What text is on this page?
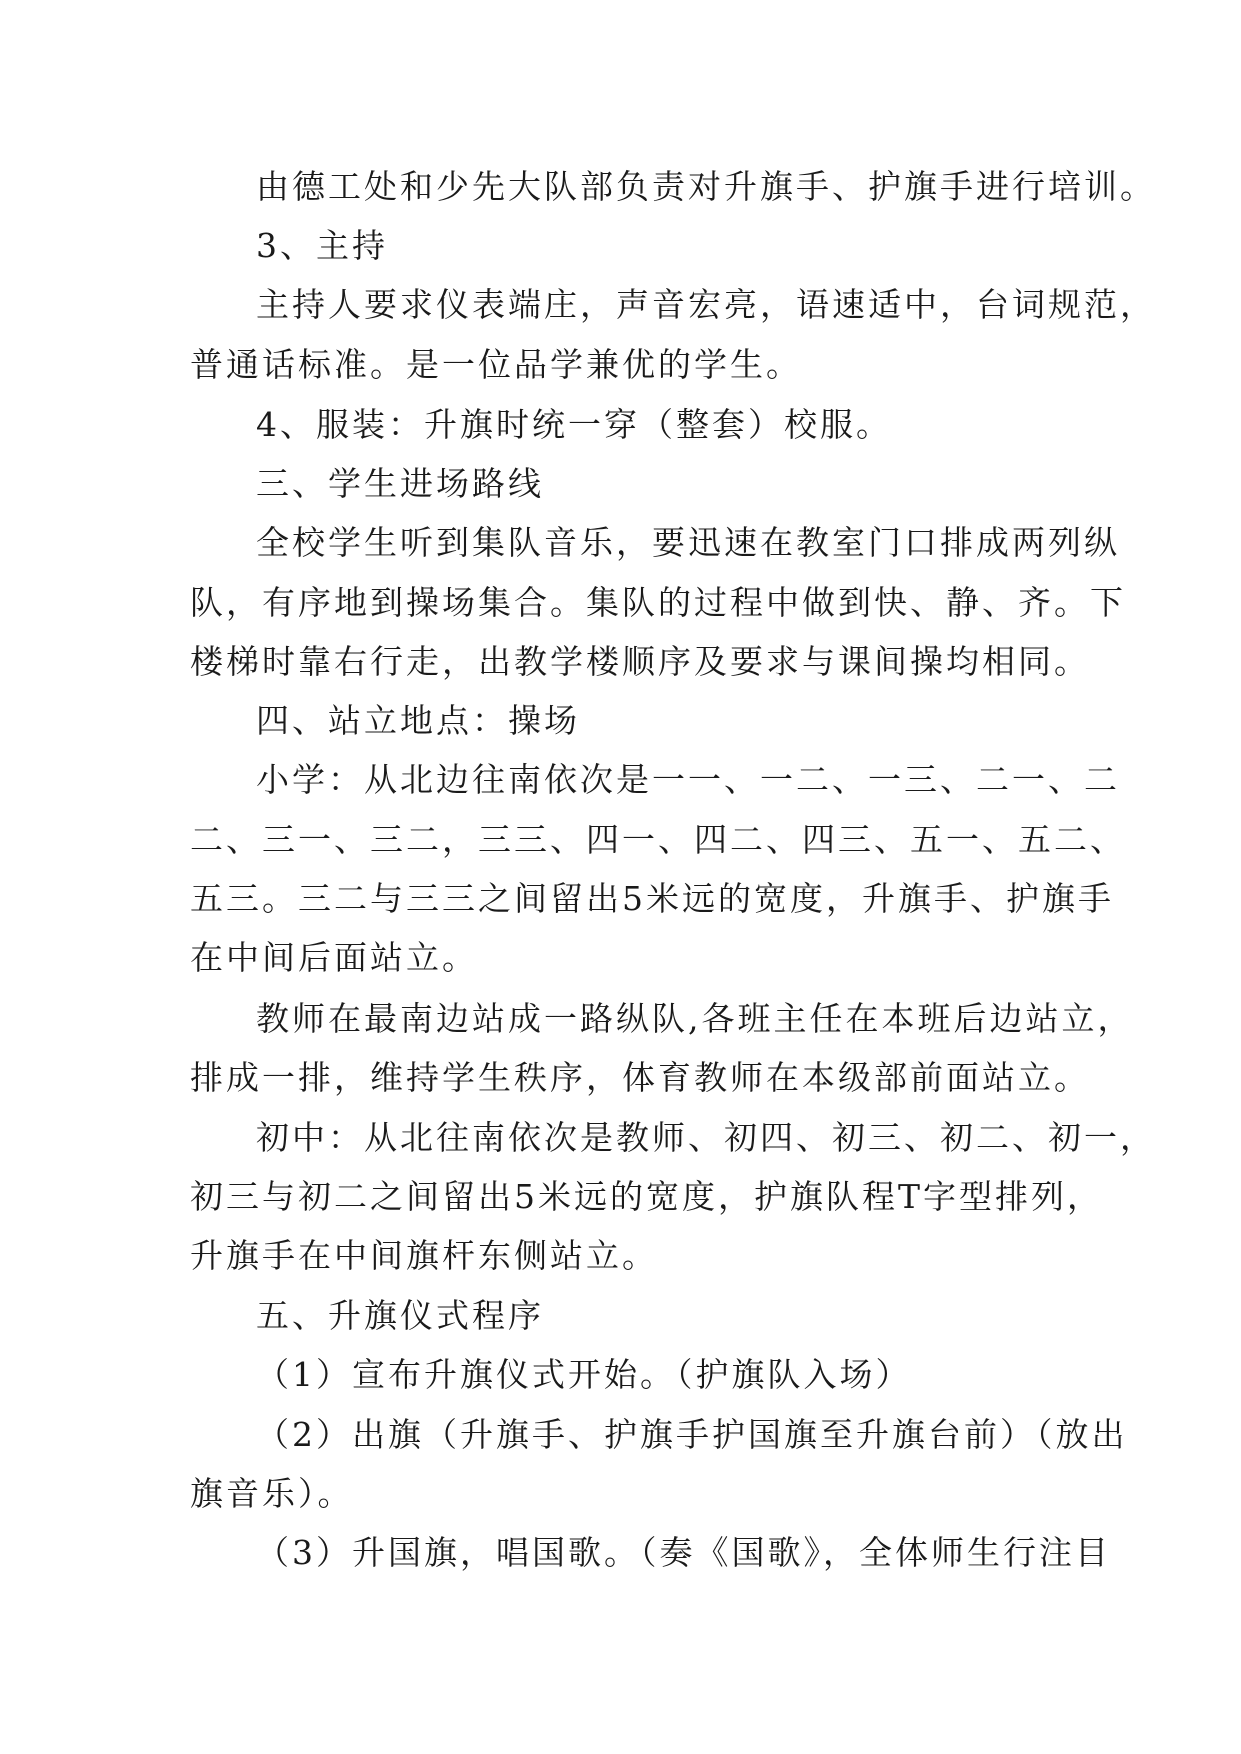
由德工处和少先大队部负责对升旗手、护旗手进行培训。
3、主持
主持人要求仪表端庄，声音宏亮，语速适中，台词规范，
普通话标准。是一位品学兼优的学生。
4、服装：升旗时统一穿（整套）校服。
三、学生进场路线
全校学生听到集队音乐，要迅速在教室门口排成两列纵
队，有序地到操场集合。集队的过程中做到快、静、齐。下
楼梯时靠右行走，出教学楼顺序及要求与课间操均相同。
四、站立地点：操场
小学：从北边往南依次是一一、一二、一三、二一、二
二、三一、三二，三三、四一、四二、四三、五一、五二、
五三。三二与三三之间留出5米远的宽度，升旗手、护旗手
在中间后面站立。
教师在最南边站成一路纵队,各班主任在本班后边站立，
排成一排，维持学生秩序，体育教师在本级部前面站立。
初中：从北往南依次是教师、初四、初三、初二、初一，
初三与初二之间留出5米远的宽度，护旗队程T字型排列，
升旗手在中间旗杆东侧站立。
五、升旗仪式程序
（1）宣布升旗仪式开始。（护旗队入场）
（2）出旗（升旗手、护旗手护国旗至升旗台前）（放出
旗音乐）。
（3）升国旗，唱国歌。（奏《国歌》，全体师生行注目
